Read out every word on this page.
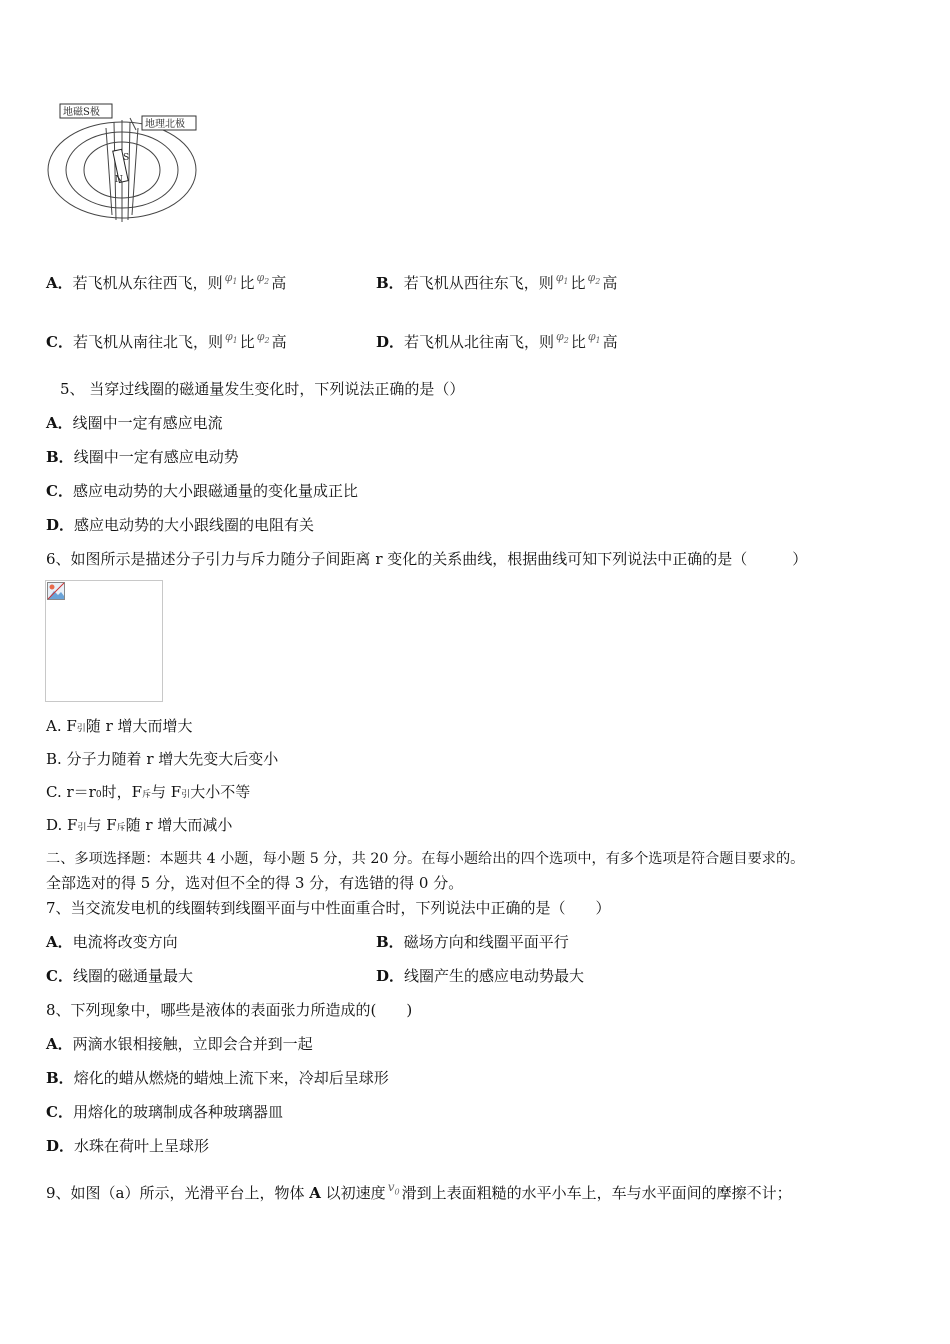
S
N
地磁S极
地理北极
A．若飞机从东往西飞，则 $^{\varphi_1}$ 比 $^{\varphi_2}$ 高	B．若飞机从西往东飞，则 $^{\varphi_1}$ 比 $^{\varphi_2}$ 高
C．若飞机从南往北飞，则 $^{\varphi_1}$ 比 $^{\varphi_2}$ 高	D．若飞机从北往南飞，则 $^{\varphi_2}$ 比 $^{\varphi_1}$ 高
5、 当穿过线圈的磁通量发生变化时，下列说法正确的是（）
A．线圈中一定有感应电流
B．线圈中一定有感应电动势
C．感应电动势的大小跟磁通量的变化量成正比
D．感应电动势的大小跟线圈的电阻有关
6、如图所示是描述分子引力与斥力随分子间距离 r 变化的关系曲线，根据曲线可知下列说法中正确的是（　　　）
A. F引随 r 增大而增大
B. 分子力随着 r 增大先变大后变小
C. r＝r0时，F斥与 F引大小不等
D. F引与 F斥随 r 增大而减小
二、多项选择题：本题共 4 小题，每小题 5 分，共 20 分。在每小题给出的四个选项中，有多个选项是符合题目要求的。
全部选对的得 5 分，选对但不全的得 3 分，有选错的得 0 分。
7、当交流发电机的线圈转到线圈平面与中性面重合时，下列说法中正确的是（　　）
A．电流将改变方向	B．磁场方向和线圈平面平行
C．线圈的磁通量最大	D．线圈产生的感应电动势最大
8、下列现象中，哪些是液体的表面张力所造成的(　　)
A．两滴水银相接触，立即会合并到一起
B．熔化的蜡从燃烧的蜡烛上流下来，冷却后呈球形
C．用熔化的玻璃制成各种玻璃器皿
D．水珠在荷叶上呈球形
9、如图（a）所示，光滑平台上，物体 A 以初速度 $^{v_0}$ 滑到上表面粗糙的水平小车上，车与水平面间的摩擦不计；
